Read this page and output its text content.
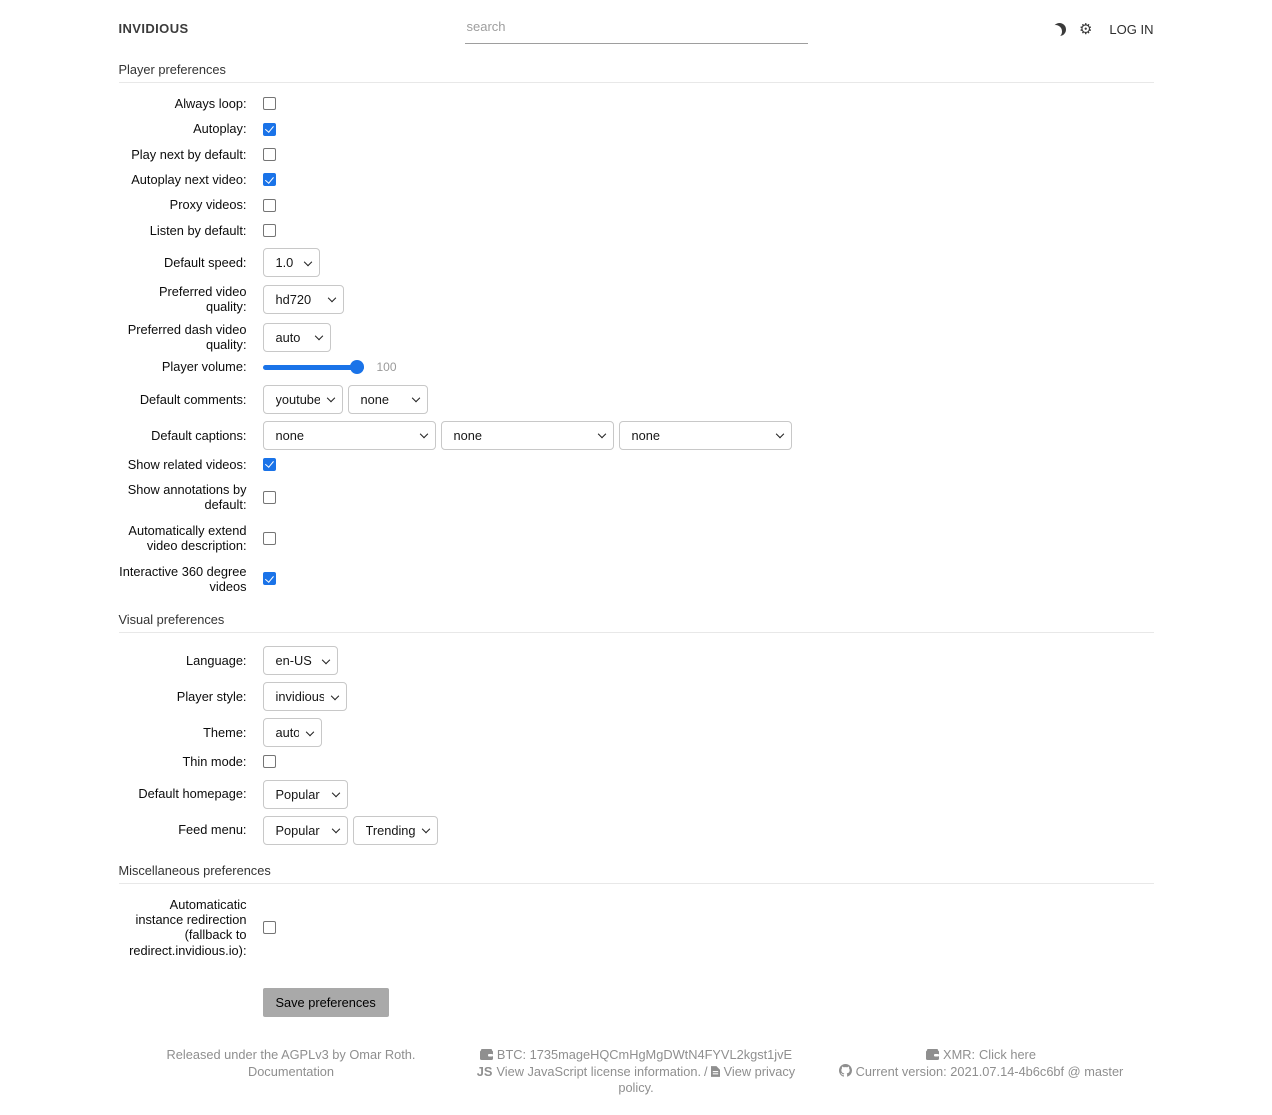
INVIDIOUS
search	⚙ LOG IN
Player preferences
Always loop:
Autoplay:
Play next by default:
Autoplay next video:
Proxy videos:
Listen by default:
Default speed:
1.0
Preferred video quality:
hd720
Preferred dash video quality:
auto
Player volume:	100
Default comments:
youtube
none
Default captions:
none
none
none
Show related videos:
Show annotations by default:
Automatically extend video description:
Interactive 360 degree videos
Visual preferences
Language:
en-US
Player style:
invidious
Theme:
auto
Thin mode:
Default homepage:
Popular
Feed menu:
Popular
Trending
Miscellaneous preferences
Automaticatic instance redirection (fallback to redirect.invidious.io):
Save preferences
Released under the AGPLv3 by Omar Roth.
Documentation
BTC: 1735mageHQCmHgMgDWtN4FYVL2kgst1jvE
JS View JavaScript license information. / View privacy policy.
XMR: Click here
Current version: 2021.07.14-4b6c6bf @ master
